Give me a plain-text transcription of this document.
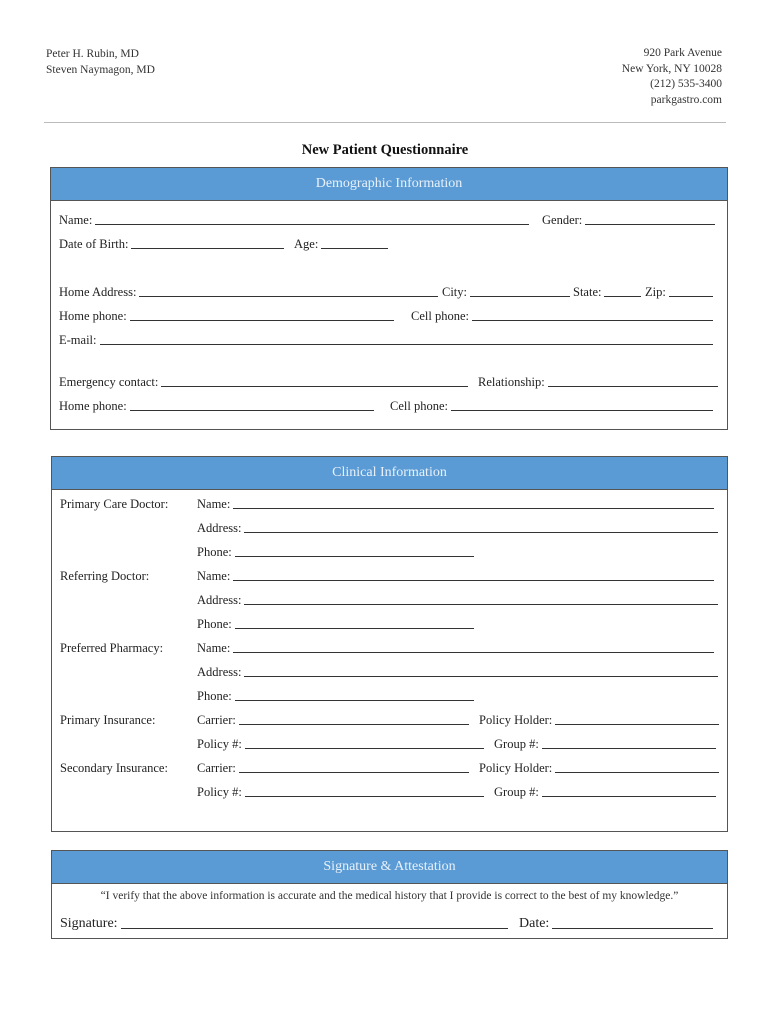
Peter H. Rubin, MD
Steven Naymagon, MD
920 Park Avenue
New York, NY 10028
(212) 535-3400
parkgastro.com
New Patient Questionnaire
Demographic Information
Name:	Gender:
Date of Birth:	Age:
Home Address:	City:	State:	Zip:
Home phone:	Cell phone:
E-mail:
Emergency contact:	Relationship:
Home phone:	Cell phone:
Clinical Information
Primary Care Doctor: Name:
Address:
Phone:
Referring Doctor:	Name:
Address:
Phone:
Preferred Pharmacy:	Name:
Address:
Phone:
Primary Insurance:	Carrier:	Policy Holder:
Policy #:	Group #:
Secondary Insurance: Carrier:	Policy Holder:
Policy #:	Group #:
Signature & Attestation
“I verify that the above information is accurate and the medical history that I provide is correct to the best of my knowledge.”
Signature:	Date:
